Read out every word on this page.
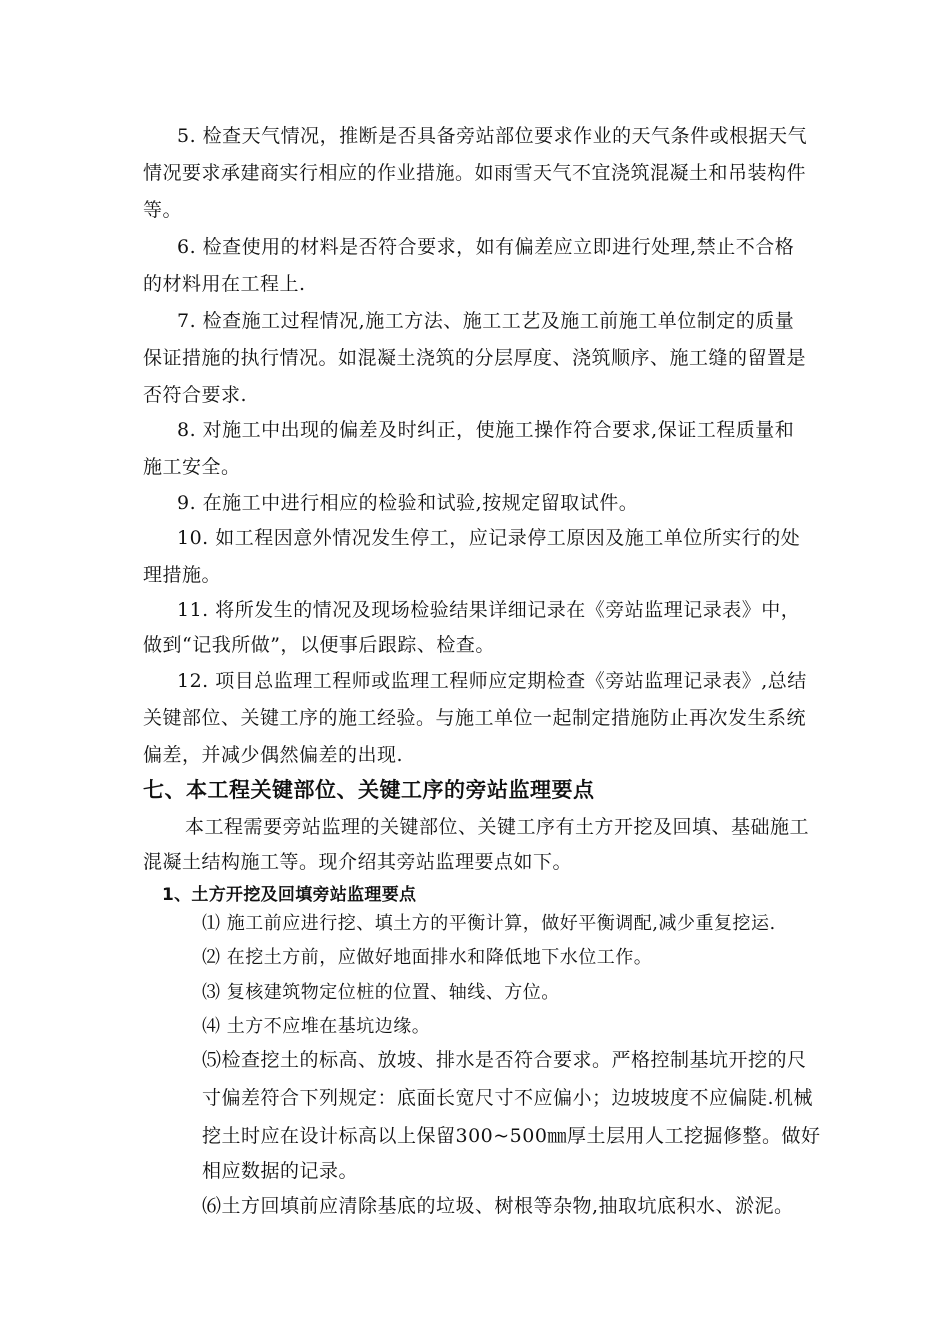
5. 检查天气情况，推断是否具备旁站部位要求作业的天气条件或根据天气
情况要求承建商实行相应的作业措施。如雨雪天气不宜浇筑混凝土和吊装构件
等。
6. 检查使用的材料是否符合要求，如有偏差应立即进行处理,禁止不合格
的材料用在工程上.
7. 检查施工过程情况,施工方法、施工工艺及施工前施工单位制定的质量
保证措施的执行情况。如混凝土浇筑的分层厚度、浇筑顺序、施工缝的留置是
否符合要求.
8. 对施工中出现的偏差及时纠正，使施工操作符合要求,保证工程质量和
施工安全。
9. 在施工中进行相应的检验和试验,按规定留取试件。
10. 如工程因意外情况发生停工，应记录停工原因及施工单位所实行的处
理措施。
11. 将所发生的情况及现场检验结果详细记录在《旁站监理记录表》中，
做到“记我所做”，以便事后跟踪、检查。
12. 项目总监理工程师或监理工程师应定期检查《旁站监理记录表》,总结
关键部位、关键工序的施工经验。与施工单位一起制定措施防止再次发生系统
偏差，并减少偶然偏差的出现.
七、本工程关键部位、关键工序的旁站监理要点
本工程需要旁站监理的关键部位、关键工序有土方开挖及回填、基础施工
混凝土结构施工等。现介绍其旁站监理要点如下。
1、土方开挖及回填旁站监理要点
⑴ 施工前应进行挖、填土方的平衡计算，做好平衡调配,减少重复挖运.
⑵ 在挖土方前，应做好地面排水和降低地下水位工作。
⑶ 复核建筑物定位桩的位置、轴线、方位。
⑷ 土方不应堆在基坑边缘。
⑸检查挖土的标高、放坡、排水是否符合要求。严格控制基坑开挖的尺
寸偏差符合下列规定：底面长宽尺寸不应偏小；边坡坡度不应偏陡.机械
挖土时应在设计标高以上保留300~500㎜厚土层用人工挖掘修整。做好
相应数据的记录。
⑹土方回填前应清除基底的垃圾、树根等杂物,抽取坑底积水、淤泥。
